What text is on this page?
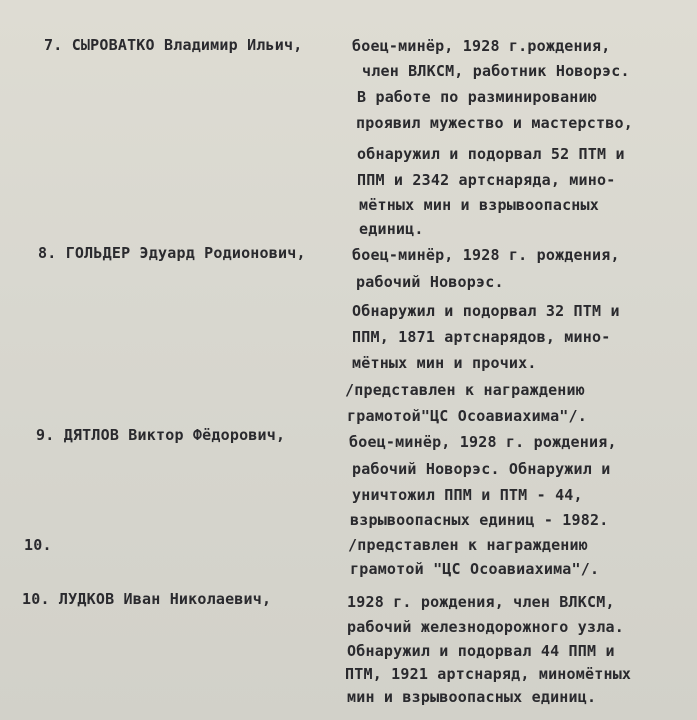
7. СЫРОВАТКО Владимир Ильич,	боец-минёр, 1928 г.рождения,
член ВЛКСМ, работник Новорэс.
В работе по разминированию
проявил мужество и мастерство,
обнаружил и подорвал 52 ПТМ и
ППМ и 2342 артснаряда, мино-
мётных мин и взрывоопасных
единиц.
8. ГОЛЬДЕР Эдуард Родионович,	боец-минёр, 1928 г. рождения,
рабочий Новорэс.
Обнаружил и подорвал 32 ПТМ и
ППМ, 1871 артснарядов, мино-
мётных мин и прочих.
/представлен к награждению
грамотой"ЦС Осоавиахима"/.
9. ДЯТЛОВ Виктор Фёдорович,	боец-минёр, 1928 г. рождения,
рабочий Новорэс. Обнаружил и
уничтожил ППМ и ПТМ - 44,
взрывоопасных единиц - 1982.
10.	/представлен к награждению
грамотой "ЦС Осоавиахима"/.
10. ЛУДКОВ Иван Николаевич,	1928 г. рождения, член ВЛКСМ,
рабочий железнодорожного узла.
Обнаружил и подорвал 44 ППМ и
ПТМ, 1921 артснаряд, миномётных
мин и взрывоопасных единиц.
